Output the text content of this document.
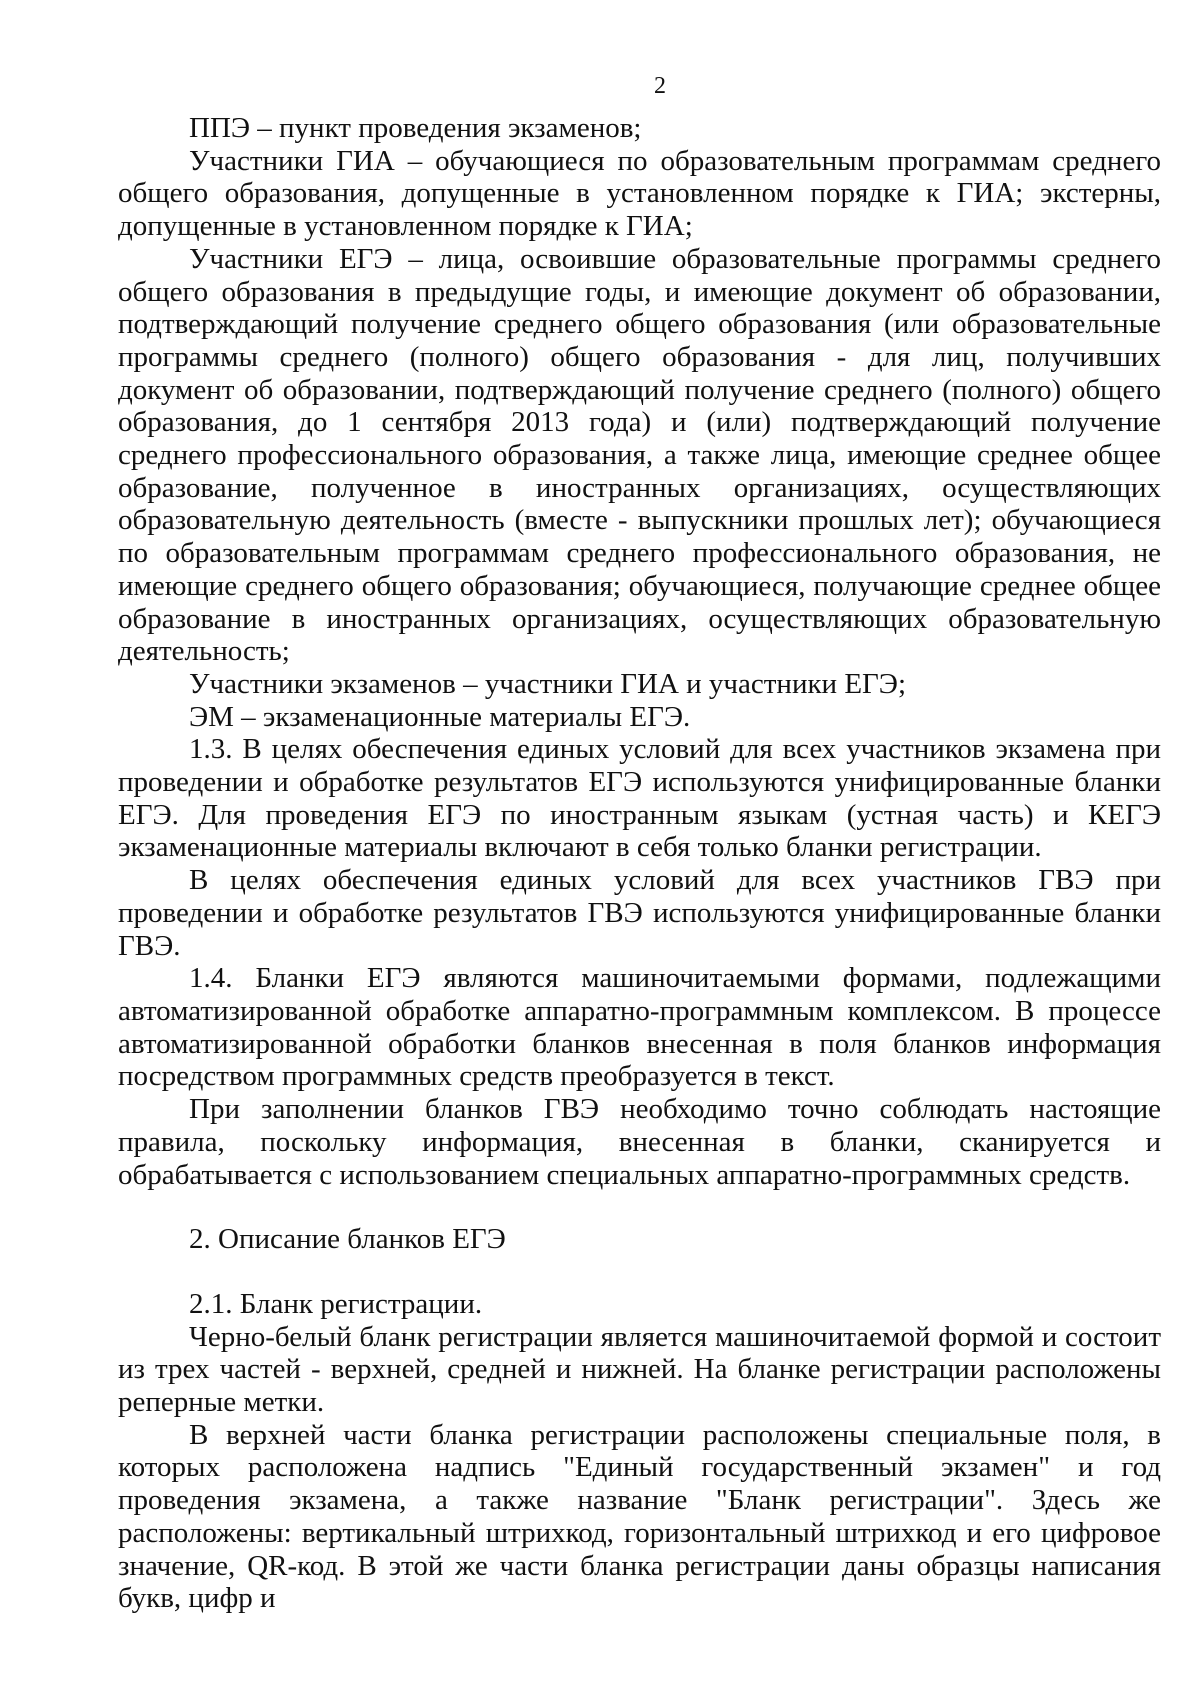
2

ППЭ – пункт проведения экзаменов;

Участники ГИА – обучающиеся по образовательным программам среднего общего образования, допущенные в установленном порядке к ГИА; экстерны, допущенные в установленном порядке к ГИА;

Участники ЕГЭ – лица, освоившие образовательные программы среднего общего образования в предыдущие годы, и имеющие документ об образовании, подтверждающий получение среднего общего образования (или образовательные программы среднего (полного) общего образования - для лиц, получивших документ об образовании, подтверждающий получение среднего (полного) общего образования, до 1 сентября 2013 года) и (или) подтверждающий получение среднего профессионального образования, а также лица, имеющие среднее общее образование, полученное в иностранных организациях, осуществляющих образовательную деятельность (вместе - выпускники прошлых лет); обучающиеся по образовательным программам среднего профессионального образования, не имеющие среднего общего образования; обучающиеся, получающие среднее общее образование в иностранных организациях, осуществляющих образовательную деятельность;

Участники экзаменов – участники ГИА и участники ЕГЭ;

ЭМ – экзаменационные материалы ЕГЭ.

1.3. В целях обеспечения единых условий для всех участников экзамена при проведении и обработке результатов ЕГЭ используются унифицированные бланки ЕГЭ. Для проведения ЕГЭ по иностранным языкам (устная часть) и КЕГЭ экзаменационные материалы включают в себя только бланки регистрации.

В целях обеспечения единых условий для всех участников ГВЭ при проведении и обработке результатов ГВЭ используются унифицированные бланки ГВЭ.

1.4. Бланки ЕГЭ являются машиночитаемыми формами, подлежащими автоматизированной обработке аппаратно-программным комплексом. В процессе автоматизированной обработки бланков внесенная в поля бланков информация посредством программных средств преобразуется в текст.

При заполнении бланков ГВЭ необходимо точно соблюдать настоящие правила, поскольку информация, внесенная в бланки, сканируется и обрабатывается с использованием специальных аппаратно-программных средств.

2. Описание бланков ЕГЭ

2.1. Бланк регистрации.

Черно-белый бланк регистрации является машиночитаемой формой и состоит из трех частей - верхней, средней и нижней. На бланке регистрации расположены реперные метки.

В верхней части бланка регистрации расположены специальные поля, в которых расположена надпись "Единый государственный экзамен" и год проведения экзамена, а также название "Бланк регистрации". Здесь же расположены: вертикальный штрихкод, горизонтальный штрихкод и его цифровое значение, QR-код. В этой же части бланка регистрации даны образцы написания букв, цифр и
